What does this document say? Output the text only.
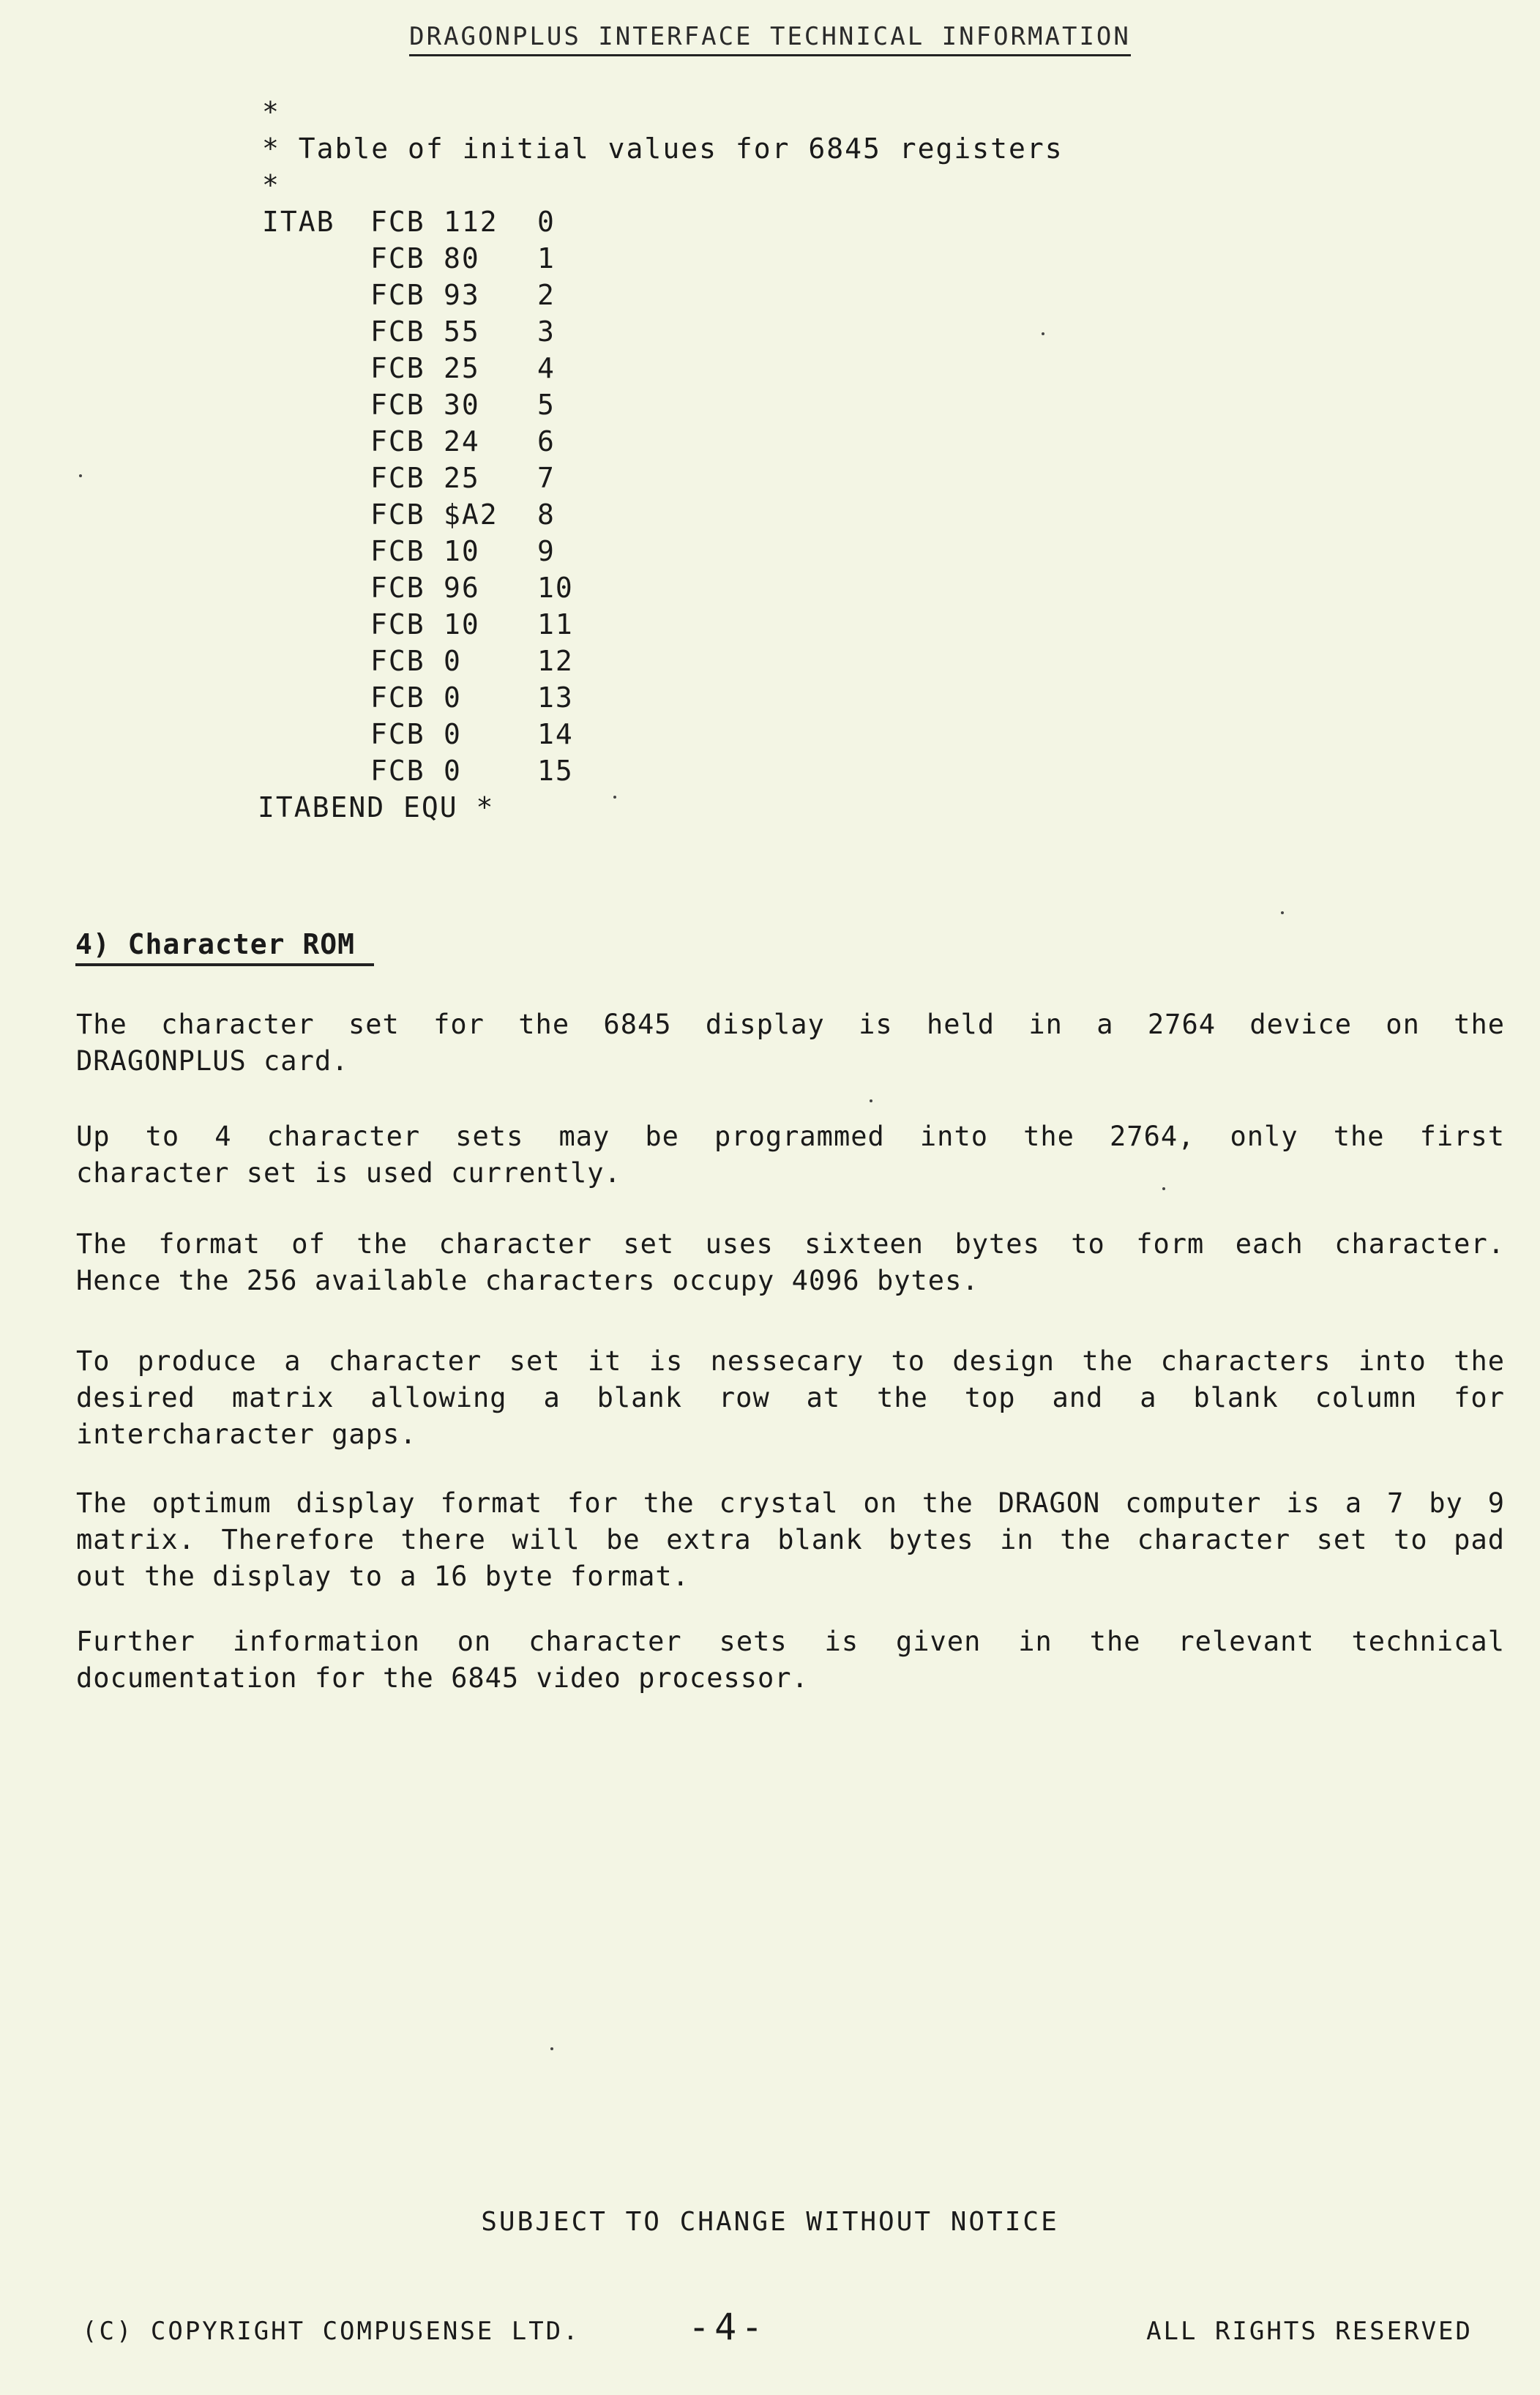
DRAGONPLUS INTERFACE TECHNICAL INFORMATION
*
* Table of initial values for 6845 registers
*
ITAB FCB 112 0
FCB 80 1
FCB 93 2
FCB 55 3
FCB 25 4
FCB 30 5
FCB 24 6
FCB 25 7
FCB $A2 8
FCB 10 9
FCB 96 10
FCB 10 11
FCB 0	12
FCB 0	13
FCB 0	14
FCB 0	15
ITABEND EQU *
4) Character ROM
The character set for the 6845 display is held in a 2764 device on the
DRAGONPLUS card.
Up to 4 character sets may be programmed into the 2764, only the first
character set is used currently.
The format of the character set uses sixteen bytes to form each character.
Hence the 256 available characters occupy 4096 bytes.
To produce a character set it is nessecary to design the characters into the
desired matrix allowing a blank row at the top and a blank column for
intercharacter gaps.
The optimum display format for the crystal on the DRAGON computer is a 7 by 9
matrix. Therefore there will be extra blank bytes in the character set to pad
out the display to a 16 byte format.
Further information on character sets is given in the relevant technical
documentation for the 6845 video processor.
SUBJECT TO CHANGE WITHOUT NOTICE
(C) COPYRIGHT COMPUSENSE LTD.	-4-	ALL RIGHTS RESERVED
